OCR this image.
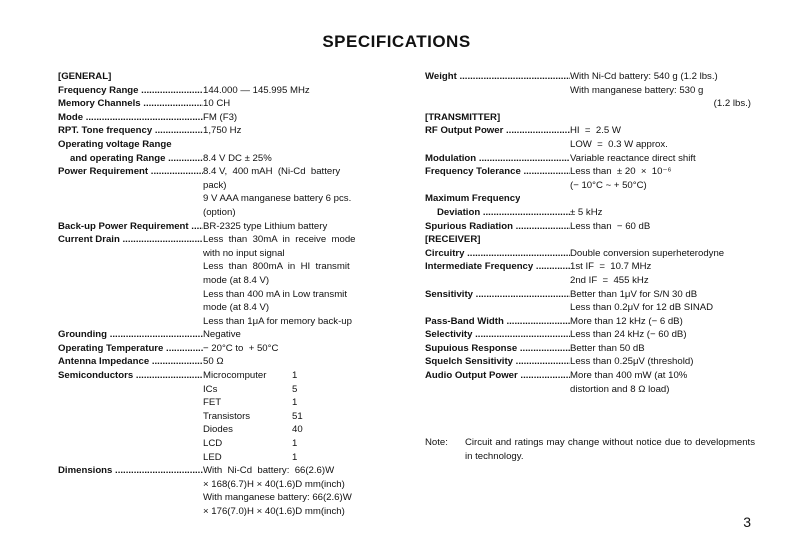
SPECIFICATIONS
[GENERAL]
Frequency Range .....	144.000 — 145.995 MHz
Memory Channels .....	10 CH
Mode .....	FM (F3)
RPT. Tone frequency .....	1,750 Hz
Operating voltage Range
and operating Range .....	8.4 V DC ± 25%
Power Requirement .....	8.4 V,  400 mAH  (Ni-Cd  battery
pack)
9 V AAA manganese battery 6 pcs.
(option)
Back-up Power Requirement .....	BR-2325 type Lithium battery
Current Drain .....	Less  than  30mA  in  receive  mode
with no input signal
Less  than  800mA  in  HI  transmit
mode (at 8.4 V)
Less than 400 mA in Low transmit
mode (at 8.4 V)
Less than 1μA for memory back-up
Grounding .....	Negative
Operating Temperature .....	− 20°C to  + 50°C
Antenna Impedance .....	50 Ω
Semiconductors .....	Microcomputer	1
ICs	5
FET	1
Transistors	51
Diodes	40
LCD	1
LED	1
Dimensions .....	With  Ni-Cd  battery:  66(2.6)W
× 168(6.7)H × 40(1.6)D mm(inch)
With manganese battery: 66(2.6)W
× 176(7.0)H × 40(1.6)D mm(inch)
Weight .....	With Ni-Cd battery: 540 g (1.2 lbs.)
With manganese battery: 530 g
(1.2 lbs.)
[TRANSMITTER]
RF Output Power .....	HI  =  2.5 W
LOW  =  0.3 W approx.
Modulation .....	Variable reactance direct shift
Frequency Tolerance .....	Less than  ± 20  ×  10⁻⁶
(− 10°C ~ + 50°C)
Maximum Frequency
Deviation .....	± 5 kHz
Spurious Radiation .....	Less than  − 60 dB
[RECEIVER]
Circuitry .....	Double conversion superheterodyne
Intermediate Frequency .....	1st IF  =  10.7 MHz
2nd IF  =  455 kHz
Sensitivity .....	Better than 1μV for S/N 30 dB
Less than 0.2μV for 12 dB SINAD
Pass-Band Width .....	More than 12 kHz (− 6 dB)
Selectivity .....	Less than 24 kHz (− 60 dB)
Supuious Response .....	Better than 50 dB
Squelch Sensitivity .....	Less than 0.25μV (threshold)
Audio Output Power .....	More than 400 mW (at 10%
distortion and 8 Ω load)
Note:	Circuit and ratings may change without notice due to developments in technology.
3
